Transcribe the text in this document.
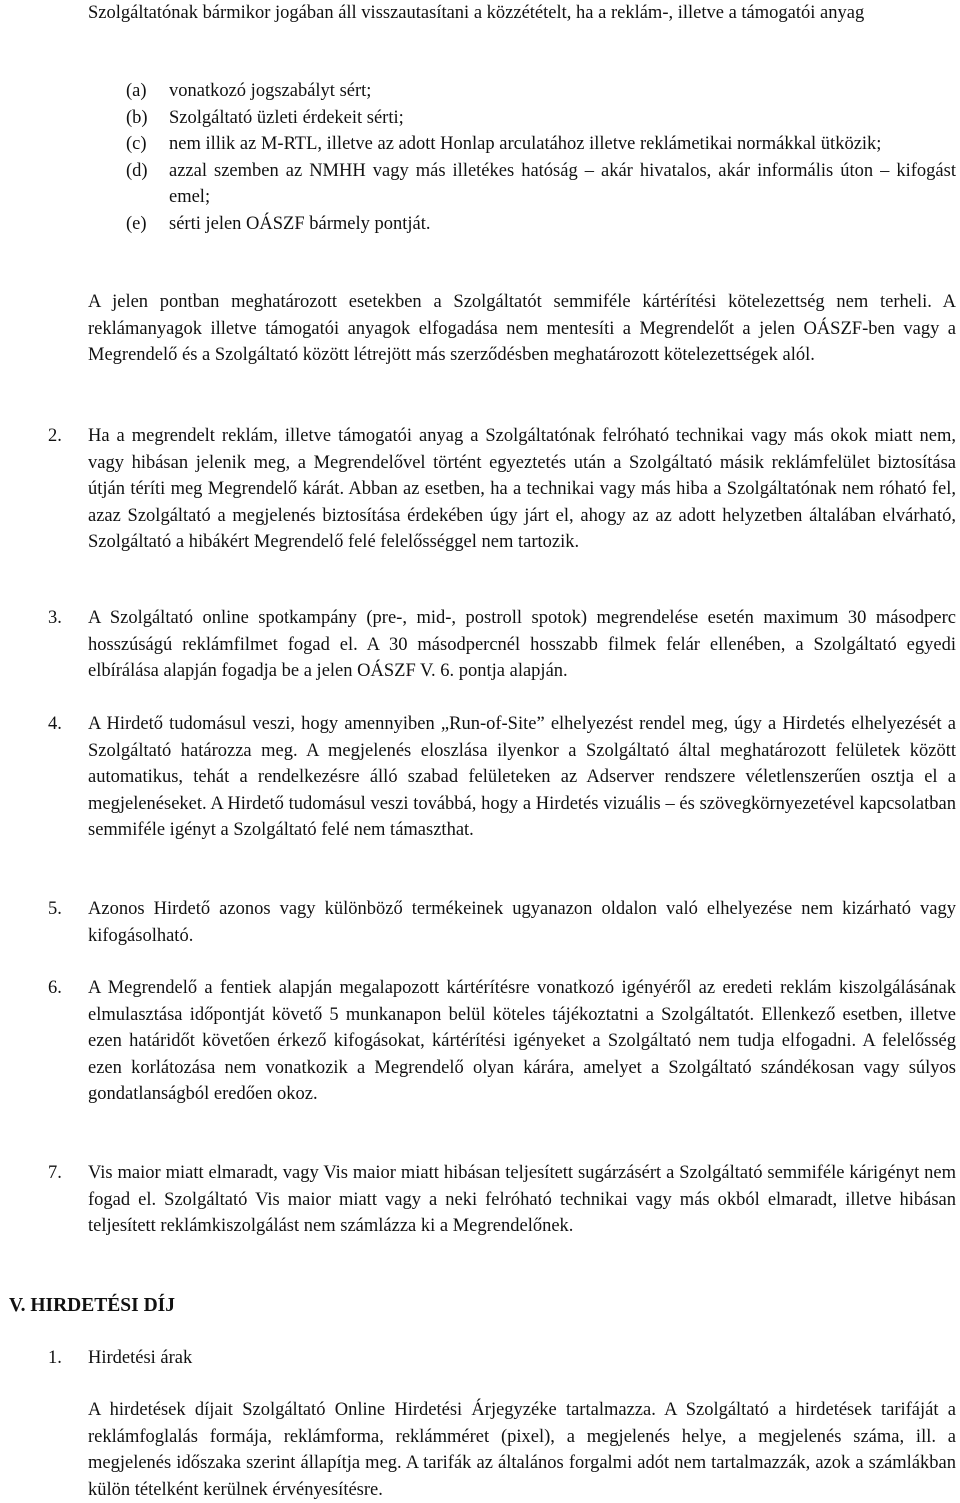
Szolgáltatónak bármikor jogában áll visszautasítani a közzétételt, ha a reklám-, illetve a támogatói anyag

(a) vonatkozó jogszabályt sért;
(b) Szolgáltató üzleti érdekeit sérti;
(c) nem illik az M-RTL, illetve az adott Honlap arculatához illetve reklámetikai normákkal ütközik;
(d) azzal szemben az NMHH vagy más illetékes hatóság – akár hivatalos, akár informális úton – kifogást emel;
(e) sérti jelen OÁSZF bármely pontját.

A jelen pontban meghatározott esetekben a Szolgáltatót semmiféle kártérítési kötelezettség nem terheli. A reklámanyagok illetve támogatói anyagok elfogadása nem mentesíti a Megrendelőt a jelen OÁSZF-ben vagy a Megrendelő és a Szolgáltató között létrejött más szerződésben meghatározott kötelezettségek alól.

2. Ha a megrendelt reklám, illetve támogatói anyag a Szolgáltatónak felróható technikai vagy más okok miatt nem, vagy hibásan jelenik meg, a Megrendelővel történt egyeztetés után a Szolgáltató másik reklámfelület biztosítása útján téríti meg Megrendelő kárát. Abban az esetben, ha a technikai vagy más hiba a Szolgáltatónak nem róható fel, azaz Szolgáltató a megjelenés biztosítása érdekében úgy járt el, ahogy az az adott helyzetben általában elvárható, Szolgáltató a hibákért Megrendelő felé felelősséggel nem tartozik.
3. A Szolgáltató online spotkampány (pre-, mid-, postroll spotok) megrendelése esetén maximum 30 másodperc hosszúságú reklámfilmet fogad el. A 30 másodpercnél hosszabb filmek felár ellenében, a Szolgáltató egyedi elbírálása alapján fogadja be a jelen OÁSZF V. 6. pontja alapján.
4. A Hirdető tudomásul veszi, hogy amennyiben „Run-of-Site” elhelyezést rendel meg, úgy a Hirdetés elhelyezését a Szolgáltató határozza meg. A megjelenés eloszlása ilyenkor a Szolgáltató által meghatározott felületek között automatikus, tehát a rendelkezésre álló szabad felületeken az Adserver rendszere véletlenszerűen osztja el a megjelenéseket. A Hirdető tudomásul veszi továbbá, hogy a Hirdetés vizuális – és szövegkörnyezetével kapcsolatban semmiféle igényt a Szolgáltató felé nem támaszthat.
5. Azonos Hirdető azonos vagy különböző termékeinek ugyanazon oldalon való elhelyezése nem kizárható vagy kifogásolható.
6. A Megrendelő a fentiek alapján megalapozott kártérítésre vonatkozó igényéről az eredeti reklám kiszolgálásának elmulasztása időpontját követő 5 munkanapon belül köteles tájékoztatni a Szolgáltatót. Ellenkező esetben, illetve ezen határidőt követően érkező kifogásokat, kártérítési igényeket a Szolgáltató nem tudja elfogadni. A felelősség ezen korlátozása nem vonatkozik a Megrendelő olyan kárára, amelyet a Szolgáltató szándékosan vagy súlyos gondatlanságból eredően okoz.
7. Vis maior miatt elmaradt, vagy Vis maior miatt hibásan teljesített sugárzásért a Szolgáltató semmiféle kárigényt nem fogad el. Szolgáltató Vis maior miatt vagy a neki felróható technikai vagy más okból elmaradt, illetve hibásan teljesített reklámkiszolgálást nem számlázza ki a Megrendelőnek.
V. HIRDETÉSI DÍJ
1. Hirdetési árak

A hirdetések díjait Szolgáltató Online Hirdetési Árjegyzéke tartalmazza. A Szolgáltató a hirdetések tarifáját a reklámfoglalás formája, reklámforma, reklámméret (pixel), a megjelenés helye, a megjelenés száma, ill. a megjelenés időszaka szerint állapítja meg. A tarifák az általános forgalmi adót nem tartalmazzák, azok a számlákban külön tételként kerülnek érvényesítésre.
